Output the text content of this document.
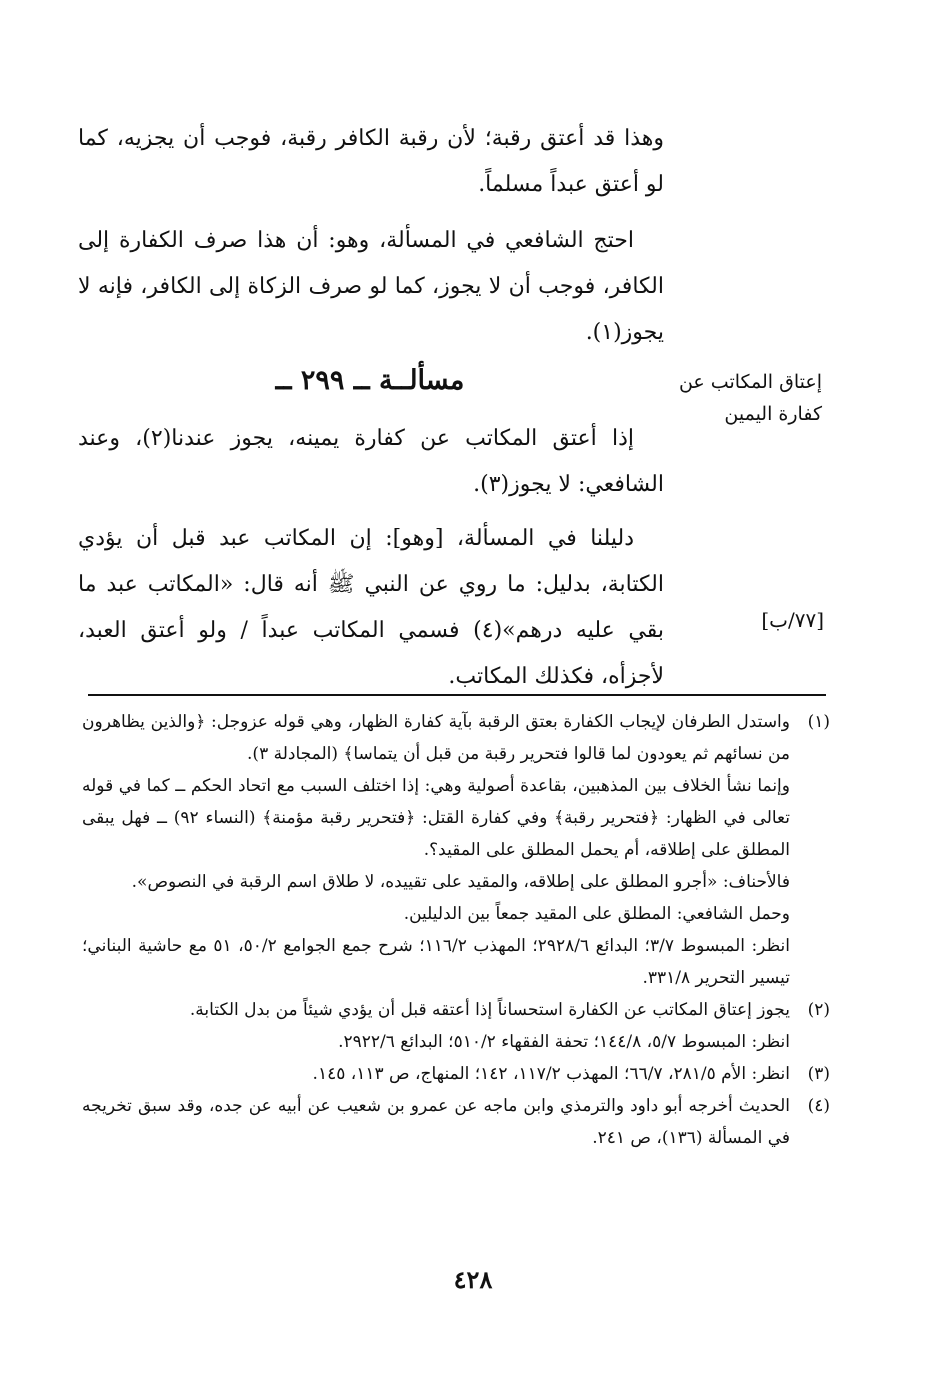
وهذا قد أعتق رقبة؛ لأن رقبة الكافر رقبة، فوجب أن يجزيه، كما لو أعتق عبداً مسلماً.

احتج الشافعي في المسألة، وهو: أن هذا صرف الكفارة إلى الكافر، فوجب أن لا يجوز، كما لو صرف الزكاة إلى الكافر، فإنه لا يجوز(١).

إعتاق المكاتب عن كفارة اليمين

مسألــة ــ ٢٩٩ ــ

إذا أعتق المكاتب عن كفارة يمينه، يجوز عندنا(٢)، وعند الشافعي: لا يجوز(٣).

دليلنا في المسألة، [وهو]: إن المكاتب عبد قبل أن يؤدي الكتابة، بدليل: ما روي عن النبي ﷺ أنه قال: «المكاتب عبد ما بقي عليه درهم»(٤) فسمي المكاتب عبداً / ولو أعتق العبد، لأجزأه، فكذلك المكاتب.

[٧٧/ب]

(١)

واستدل الطرفان لإيجاب الكفارة بعتق الرقبة بآية كفارة الظهار، وهي قوله عزوجل: ﴿والذين يظاهرون من نسائهم ثم يعودون لما قالوا فتحرير رقبة من قبل أن يتماسا﴾ (المجادلة ٣).

وإنما نشأ الخلاف بين المذهبين، بقاعدة أصولية وهي: إذا اختلف السبب مع اتحاد الحكم ــ كما في قوله تعالى في الظهار: ﴿فتحرير رقبة﴾ وفي كفارة القتل: ﴿فتحرير رقبة مؤمنة﴾ (النساء ٩٢) ــ فهل يبقى المطلق على إطلاقه، أم يحمل المطلق على المقيد؟.

فالأحناف: «أجرو المطلق على إطلاقه، والمقيد على تقييده، لا طلاق اسم الرقبة في النصوص».

وحمل الشافعي: المطلق على المقيد جمعاً بين الدليلين.

انظر: المبسوط ٣/٧؛ البدائع ٢٩٢٨/٦؛ المهذب ١١٦/٢؛ شرح جمع الجوامع ٥٠/٢، ٥١ مع حاشية البناني؛ تيسير التحرير ٣٣١/٨.

(٢)

يجوز إعتاق المكاتب عن الكفارة استحساناً إذا أعتقه قبل أن يؤدي شيئاً من بدل الكتابة.

انظر: المبسوط ٥/٧، ١٤٤/٨؛ تحفة الفقهاء ٥١٠/٢؛ البدائع ٢٩٢٢/٦.

(٣)

انظر: الأم ٢٨١/٥، ٦٦/٧؛ المهذب ١١٧/٢، ١٤٢؛ المنهاج، ص ١١٣، ١٤٥.

(٤)

الحديث أخرجه أبو داود والترمذي وابن ماجه عن عمرو بن شعيب عن أبيه عن جده، وقد سبق تخريجه في المسألة (١٣٦)، ص ٢٤١.

٤٢٨
